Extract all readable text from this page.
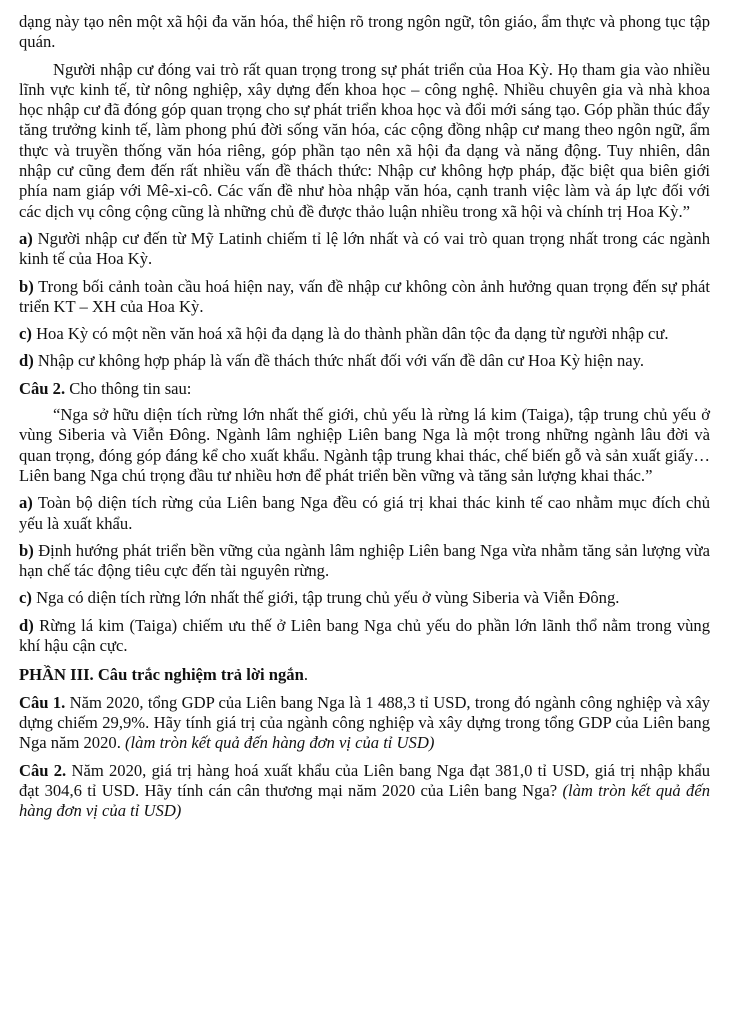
dạng này tạo nên một xã hội đa văn hóa, thể hiện rõ trong ngôn ngữ, tôn giáo, ẩm thực và phong tục tập quán.

Người nhập cư đóng vai trò rất quan trọng trong sự phát triển của Hoa Kỳ. Họ tham gia vào nhiều lĩnh vực kinh tế, từ nông nghiệp, xây dựng đến khoa học – công nghệ. Nhiều chuyên gia và nhà khoa học nhập cư đã đóng góp quan trọng cho sự phát triển khoa học và đổi mới sáng tạo. Góp phần thúc đẩy tăng trưởng kinh tế, làm phong phú đời sống văn hóa, các cộng đồng nhập cư mang theo ngôn ngữ, ẩm thực và truyền thống văn hóa riêng, góp phần tạo nên xã hội đa dạng và năng động. Tuy nhiên, dân nhập cư cũng đem đến rất nhiều vấn đề thách thức: Nhập cư không hợp pháp, đặc biệt qua biên giới phía nam giáp với Mê-xi-cô. Các vấn đề như hòa nhập văn hóa, cạnh tranh việc làm và áp lực đối với các dịch vụ công cộng cũng là những chủ đề được thảo luận nhiều trong xã hội và chính trị Hoa Kỳ.”

a) Người nhập cư đến từ Mỹ Latinh chiếm tỉ lệ lớn nhất và có vai trò quan trọng nhất trong các ngành kinh tế của Hoa Kỳ.

b) Trong bối cảnh toàn cầu hoá hiện nay, vấn đề nhập cư không còn ảnh hưởng quan trọng đến sự phát triển KT – XH của Hoa Kỳ.

c) Hoa Kỳ có một nền văn hoá xã hội đa dạng là do thành phần dân tộc đa dạng từ người nhập cư.

d) Nhập cư không hợp pháp là vấn đề thách thức nhất đối với vấn đề dân cư Hoa Kỳ hiện nay.

Câu 2. Cho thông tin sau:

“Nga sở hữu diện tích rừng lớn nhất thế giới, chủ yếu là rừng lá kim (Taiga), tập trung chủ yếu ở vùng Siberia và Viễn Đông. Ngành lâm nghiệp Liên bang Nga là một trong những ngành lâu đời và quan trọng, đóng góp đáng kể cho xuất khẩu. Ngành tập trung khai thác, chế biến gỗ và sản xuất giấy… Liên bang Nga chú trọng đầu tư nhiều hơn để phát triển bền vững và tăng sản lượng khai thác.”

a) Toàn bộ diện tích rừng của Liên bang Nga đều có giá trị khai thác kinh tế cao nhằm mục đích chủ yếu là xuất khẩu.

b) Định hướng phát triển bền vững của ngành lâm nghiệp Liên bang Nga vừa nhằm tăng sản lượng vừa hạn chế tác động tiêu cực đến tài nguyên rừng.

c) Nga có diện tích rừng lớn nhất thế giới, tập trung chủ yếu ở vùng Siberia và Viễn Đông.

d) Rừng lá kim (Taiga) chiếm ưu thế ở Liên bang Nga chủ yếu do phần lớn lãnh thổ nằm trong vùng khí hậu cận cực.

PHẦN III. Câu trắc nghiệm trả lời ngắn.

Câu 1. Năm 2020, tổng GDP của Liên bang Nga là 1 488,3 tỉ USD, trong đó ngành công nghiệp và xây dựng chiếm 29,9%. Hãy tính giá trị của ngành công nghiệp và xây dựng trong tổng GDP của Liên bang Nga năm 2020. (làm tròn kết quả đến hàng đơn vị của tỉ USD)

Câu 2. Năm 2020, giá trị hàng hoá xuất khẩu của Liên bang Nga đạt 381,0 tỉ USD, giá trị nhập khẩu đạt 304,6 tỉ USD. Hãy tính cán cân thương mại năm 2020 của Liên bang Nga? (làm tròn kết quả đến hàng đơn vị của tỉ USD)
